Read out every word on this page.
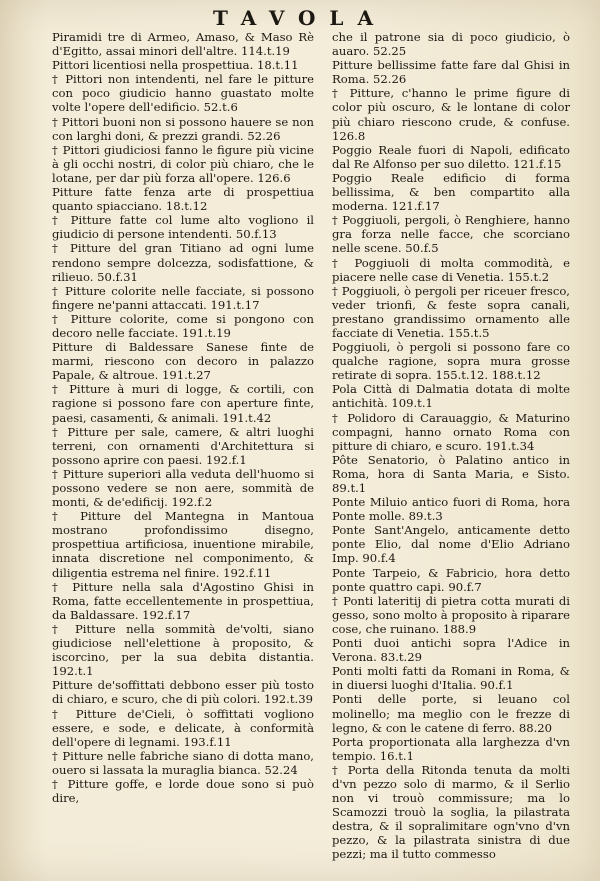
TAVOLA

Piramidi tre di Armeo, Amaso, & Maso Rè d'Egitto, assai minori dell'altre. 114.t.19

Pittori licentiosi nella prospettiua. 18.t.11

† Pittori non intendenti, nel fare le pitture con poco giudicio hanno guastato molte volte l'opere dell'edificio. 52.t.6

† Pittori buoni non si possono hauere se non con larghi doni, & prezzi grandi. 52.26

† Pittori giudiciosi fanno le figure più vicine à gli occhi nostri, di color più chiaro, che le lotane, per dar più forza all'opere. 126.6

Pitture fatte fenza arte di prospettiua quanto spiacciano. 18.t.12

† Pitture fatte col lume alto vogliono il giudicio di persone intendenti. 50.f.13

† Pitture del gran Titiano ad ogni lume rendono sempre dolcezza, sodisfattione, & rilieuo. 50.f.31

† Pitture colorite nelle facciate, si possono fingere ne'panni attaccati. 191.t.17

† Pitture colorite, come si pongono con decoro nelle facciate. 191.t.19

Pitture di Baldessare Sanese finte de marmi, riescono con decoro in palazzo Papale, & altroue. 191.t.27

† Pitture à muri di logge, & cortili, con ragione si possono fare con aperture finte, paesi, casamenti, & animali. 191.t.42

† Pitture per sale, camere, & altri luoghi terreni, con ornamenti d'Architettura si possono aprire con paesi. 192.f.1

† Pitture superiori alla veduta dell'huomo si possono vedere se non aere, sommità de monti, & de'edificij. 192.f.2

† Pitture del Mantegna in Mantoua mostrano profondissimo disegno, prospettiua artificiosa, inuentione mirabile, innata discretione nel componimento, & diligentia estrema nel finire. 192.f.11

† Pitture nella sala d'Agostino Ghisi in Roma, fatte eccellentemente in prospettiua, da Baldassare. 192.f.17

† Pitture nella sommità de'volti, siano giudiciose nell'elettione à proposito, & iscorcino, per la sua debita distantia. 192.t.1

Pitture de'soffittati debbono esser più tosto di chiaro, e scuro, che di più colori. 192.t.39

† Pitture de'Cieli, ò soffittati vogliono essere, e sode, e delicate, à conformità dell'opere di legnami. 193.f.11

† Pitture nelle fabriche siano di dotta mano, ouero si lassata la muraglia bianca. 52.24

† Pitture goffe, e lorde doue sono si può dire,

che il patrone sia di poco giudicio, ò auaro. 52.25

Pitture bellissime fatte fare dal Ghisi in Roma. 52.26

† Pitture, c'hanno le prime figure di color più oscuro, & le lontane di color più chiaro riescono crude, & confuse. 126.8

Poggio Reale fuori di Napoli, edificato dal Re Alfonso per suo diletto. 121.f.15

Poggio Reale edificio di forma bellissima, & ben compartito alla moderna. 121.f.17

† Poggiuoli, pergoli, ò Renghiere, hanno gra forza nelle facce, che scorciano nelle scene. 50.f.5

† Poggiuoli di molta commodità, e piacere nelle case di Venetia. 155.t.2

† Poggiuoli, ò pergoli per riceuer fresco, veder trionfi, & feste sopra canali, prestano grandissimo ornamento alle facciate di Venetia. 155.t.5

Poggiuoli, ò pergoli si possono fare co qualche ragione, sopra mura grosse retirate di sopra. 155.t.12. 188.t.12

Pola Città di Dalmatia dotata di molte antichità. 109.t.1

† Polidoro di Carauaggio, & Maturino compagni, hanno ornato Roma con pitture di chiaro, e scuro. 191.t.34

Pôte Senatorio, ò Palatino antico in Roma, hora di Santa Maria, e Sisto. 89.t.1

Ponte Miluio antico fuori di Roma, hora Ponte molle. 89.t.3

Ponte Sant'Angelo, anticamente detto ponte Elio, dal nome d'Elio Adriano Imp. 90.f.4

Ponte Tarpeio, & Fabricio, hora detto ponte quattro capi. 90.f.7

† Ponti lateritij di pietra cotta murati di gesso, sono molto à proposito à riparare cose, che ruinano. 188.9

Ponti duoi antichi sopra l'Adice in Verona. 83.t.29

Ponti molti fatti da Romani in Roma, & in diuersi luoghi d'Italia. 90.f.1

Ponti delle porte, si leuano col molinello; ma meglio con le frezze di legno, & con le catene di ferro. 88.20

Porta proportionata alla larghezza d'vn tempio. 16.t.1

† Porta della Ritonda tenuta da molti d'vn pezzo solo di marmo, & il Serlio non vi trouò commissure; ma lo Scamozzi trouò la soglia, la pilastrata destra, & il sopralimitare ogn'vno d'vn pezzo, & la pilastrata sinistra di due pezzi; ma il tutto commesso
